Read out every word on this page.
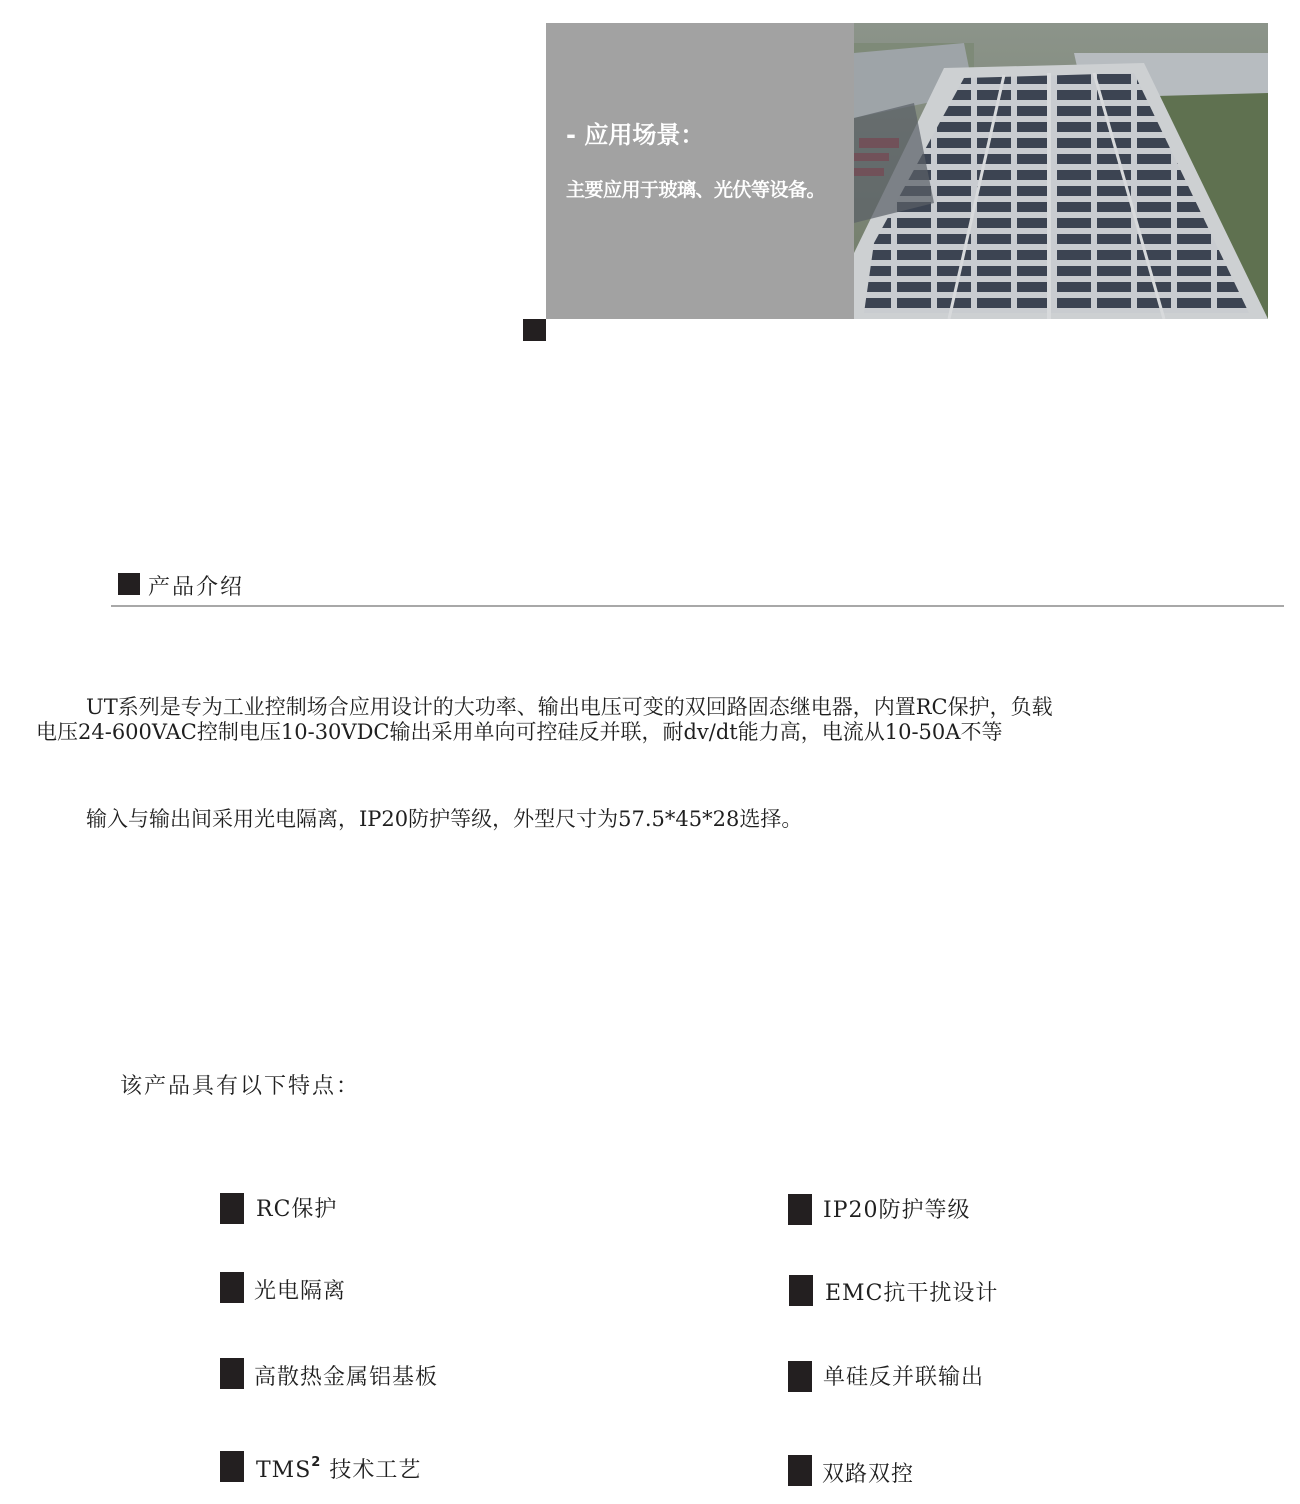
- 应用场景：
主要应用于玻璃、光伏等设备。
产品介绍
UT系列是专为工业控制场合应用设计的大功率、输出电压可变的双回路固态继电器，内置RC保护，负载
电压24-600VAC控制电压10-30VDC输出采用单向可控硅反并联，耐dv/dt能力高，电流从10-50A不等
输入与输出间采用光电隔离，IP20防护等级，外型尺寸为57.5*45*28选择。
该产品具有以下特点：
RC保护
光电隔离
高散热金属铝基板
TMS$^2$ 技术工艺
IP20防护等级
EMC抗干扰设计
单硅反并联输出
双路双控
